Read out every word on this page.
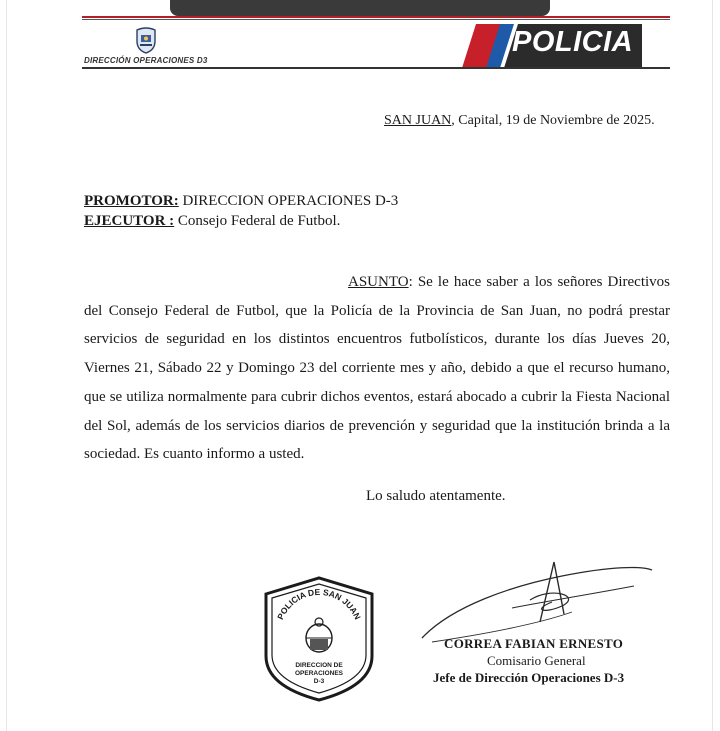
DIRECCIÓN OPERACIONES D3
POLICIA
SAN JUAN, Capital, 19 de Noviembre de 2025.
PROMOTOR: DIRECCION OPERACIONES D-3
EJECUTOR : Consejo Federal de Futbol.
ASUNTO: Se le hace saber a los señores Directivos del Consejo Federal de Futbol, que la Policía de la Provincia de San Juan, no podrá prestar servicios de seguridad en los distintos encuentros futbolísticos, durante los días Jueves 20, Viernes 21, Sábado 22 y Domingo 23 del corriente mes y año, debido a que el recurso humano, que se utiliza normalmente para cubrir dichos eventos, estará abocado a cubrir la Fiesta Nacional del Sol, además de los servicios diarios de prevención y seguridad que la institución brinda a la sociedad. Es cuanto informo a usted.
Lo saludo atentamente.
POLICIA DE SAN JUAN
DIRECCION DE
OPERACIONES
D-3
CORREA FABIAN ERNESTO
Comisario General
Jefe de Dirección Operaciones D-3
